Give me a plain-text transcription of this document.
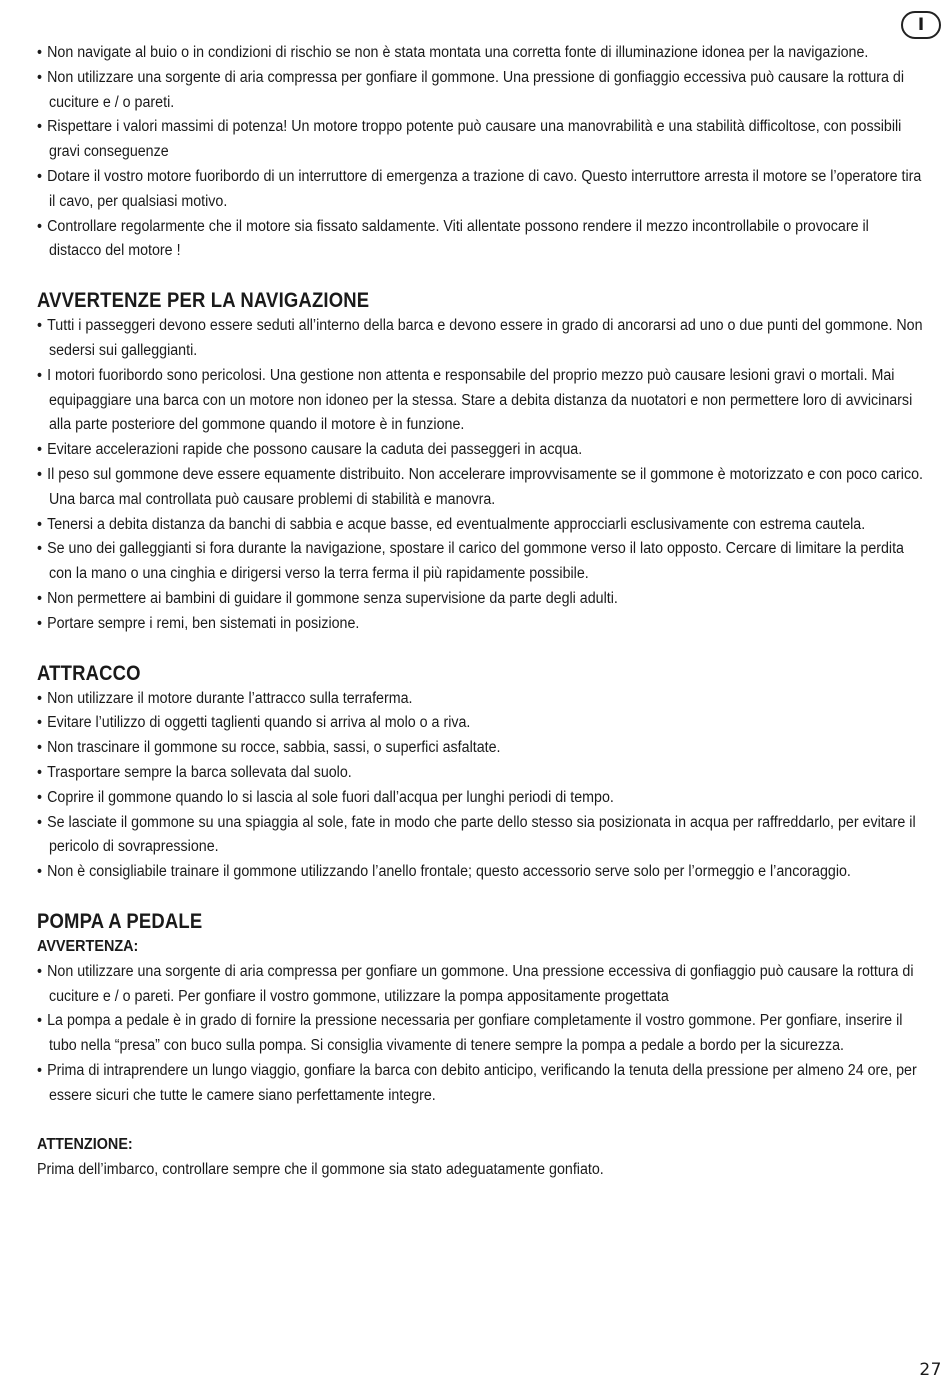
I
• Non navigate al buio o in condizioni di rischio se non è stata montata una corretta fonte di illuminazione idonea per la navigazione.
• Non utilizzare una sorgente di aria compressa per gonfiare il gommone. Una pressione di gonfiaggio eccessiva può causare la rottura di cuciture e / o pareti.
• Rispettare i valori massimi di potenza! Un motore troppo potente può causare una manovrabilità e una stabilità difficoltose, con possibili gravi conseguenze
• Dotare il vostro motore fuoribordo di un interruttore di emergenza a trazione di cavo. Questo interruttore arresta il motore se l’operatore tira il cavo, per qualsiasi motivo.
• Controllare regolarmente che il motore sia fissato saldamente. Viti allentate possono rendere il mezzo incontrollabile o provocare il distacco del motore !
AVVERTENZE PER LA NAVIGAZIONE
• Tutti i passeggeri devono essere seduti all’interno della barca e devono essere in grado di ancorarsi ad uno o due punti del gommone. Non sedersi sui galleggianti.
• I motori fuoribordo sono pericolosi. Una gestione non attenta e responsabile del proprio mezzo può causare lesioni gravi o mortali. Mai equipaggiare una barca con un motore non idoneo per la stessa. Stare a debita distanza da nuotatori e non permettere loro di avvicinarsi alla parte posteriore del gommone quando il motore è in funzione.
• Evitare accelerazioni rapide che possono causare la caduta dei passeggeri in acqua.
• Il peso sul gommone deve essere equamente distribuito. Non accelerare improvvisamente se il gommone è motorizzato e con poco carico. Una barca mal controllata può causare problemi di stabilità e manovra.
• Tenersi a debita distanza da banchi di sabbia e acque basse, ed eventualmente approcciarli esclusivamente con estrema cautela.
• Se uno dei galleggianti si fora durante la navigazione, spostare il carico del gommone verso il lato opposto. Cercare di limitare la perdita con la mano o una cinghia e dirigersi verso la terra ferma il più rapidamente possibile.
• Non permettere ai bambini di guidare il gommone senza supervisione da parte degli adulti.
• Portare sempre i remi, ben sistemati in posizione.
ATTRACCO
• Non utilizzare il motore durante l’attracco sulla terraferma.
• Evitare l’utilizzo di oggetti taglienti quando si arriva al molo o a riva.
• Non trascinare il gommone su rocce, sabbia, sassi, o superfici asfaltate.
• Trasportare sempre la barca sollevata dal suolo.
• Coprire il gommone quando lo si lascia al sole fuori dall’acqua per lunghi periodi di tempo.
• Se lasciate il gommone su una spiaggia al sole, fate in modo che parte dello stesso sia posizionata in acqua per raffreddarlo, per evitare il pericolo di sovrapressione.
• Non è consigliabile trainare il gommone utilizzando l’anello frontale; questo accessorio serve solo per l’ormeggio e l’ancoraggio.
POMPA A PEDALE
AVVERTENZA:
• Non utilizzare una sorgente di aria compressa per gonfiare un gommone. Una pressione eccessiva di gonfiaggio può causare la rottura di cuciture e / o pareti. Per gonfiare il vostro gommone, utilizzare la pompa appositamente progettata
• La pompa a pedale è in grado di fornire la pressione necessaria per gonfiare completamente il vostro gommone. Per gonfiare, inserire il tubo nella “presa” con buco sulla pompa. Si consiglia vivamente di tenere sempre la pompa a pedale a bordo per la sicurezza.
• Prima di intraprendere un lungo viaggio, gonfiare la barca con debito anticipo, verificando la tenuta della pressione per almeno 24 ore, per essere sicuri che tutte le camere siano perfettamente integre.
ATTENZIONE:
Prima dell’imbarco, controllare sempre che il gommone sia stato adeguatamente gonfiato.
27
